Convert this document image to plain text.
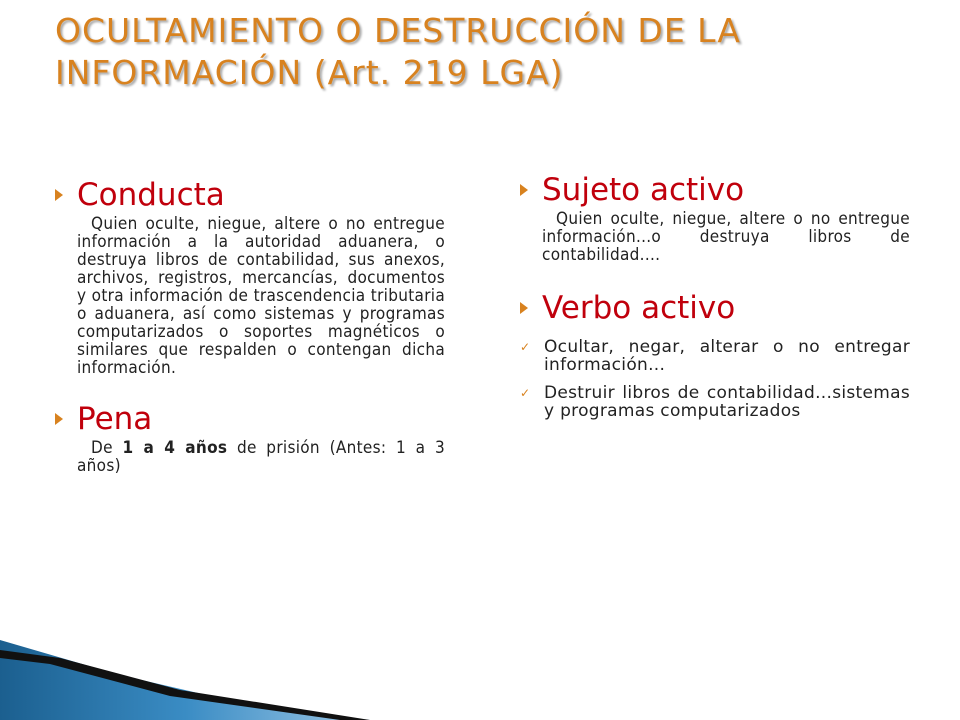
OCULTAMIENTO O DESTRUCCIÓN DE LA INFORMACIÓN (Art. 219 LGA)
Conducta

Quien oculte, niegue, altere o no entregue información a la autoridad aduanera, o destruya libros de contabilidad, sus anexos, archivos, registros, mercancías, documentos y otra información de trascendencia tributaria o aduanera, así como sistemas y programas computarizados o soportes magnéticos o similares que respalden o contengan dicha información.

Pena

De 1 a 4 años de prisión (Antes: 1 a 3 años)

Sujeto activo

Quien oculte, niegue, altere o no entregue información...o destruya libros de contabilidad....

Verbo activo
✓ Ocultar, negar, alterar o no entregar información...
✓ Destruir libros de contabilidad...sistemas y programas computarizados
